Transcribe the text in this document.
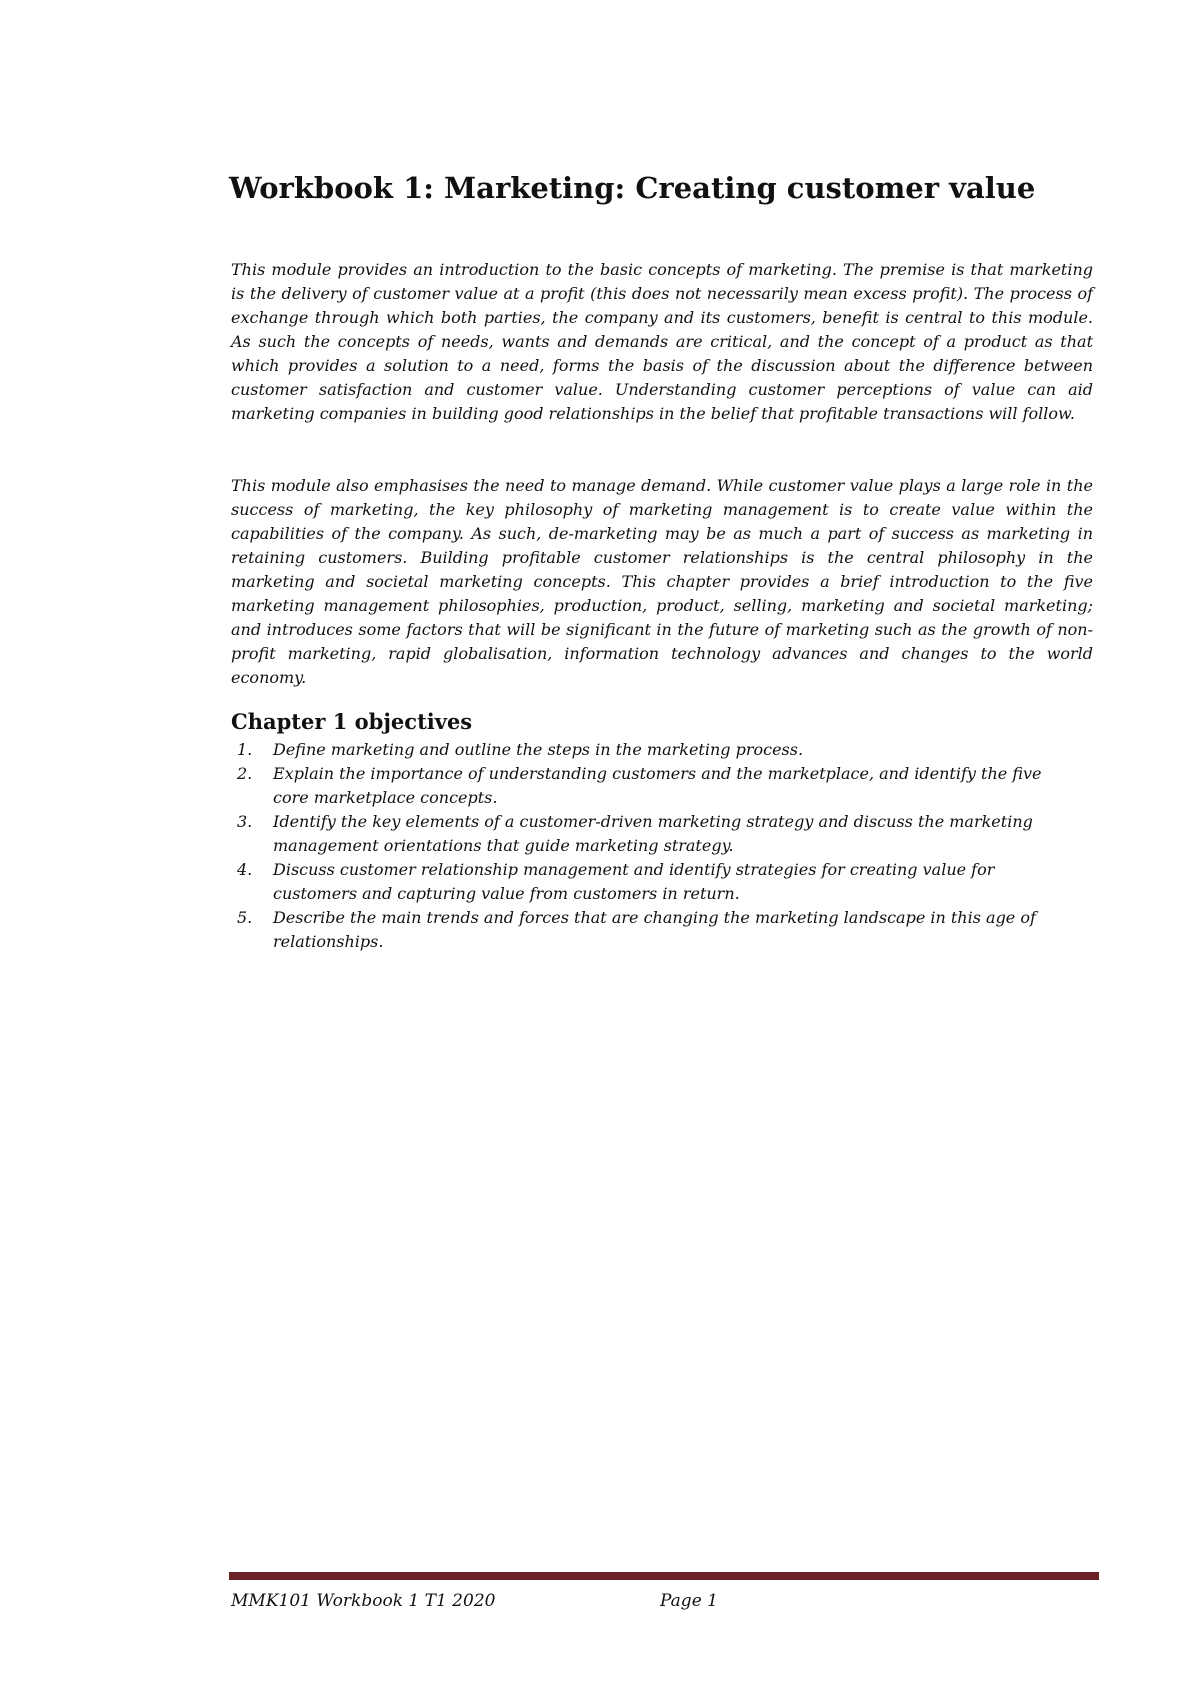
Workbook 1: Marketing: Creating customer value

This module provides an introduction to the basic concepts of marketing. The premise is that marketing is the delivery of customer value at a profit (this does not necessarily mean excess profit). The process of exchange through which both parties, the company and its customers, benefit is central to this module. As such the concepts of needs, wants and demands are critical, and the concept of a product as that which provides a solution to a need, forms the basis of the discussion about the difference between customer satisfaction and customer value. Understanding customer perceptions of value can aid marketing companies in building good relationships in the belief that profitable transactions will follow.

This module also emphasises the need to manage demand. While customer value plays a large role in the success of marketing, the key philosophy of marketing management is to create value within the capabilities of the company. As such, de-marketing may be as much a part of success as marketing in retaining customers. Building profitable customer relationships is the central philosophy in the marketing and societal marketing concepts. This chapter provides a brief introduction to the five marketing management philosophies, production, product, selling, marketing and societal marketing; and introduces some factors that will be significant in the future of marketing such as the growth of non-profit marketing, rapid globalisation, information technology advances and changes to the world economy.

Chapter 1 objectives
1. Define marketing and outline the steps in the marketing process.
2. Explain the importance of understanding customers and the marketplace, and identify the five core marketplace concepts.
3. Identify the key elements of a customer-driven marketing strategy and discuss the marketing management orientations that guide marketing strategy.
4. Discuss customer relationship management and identify strategies for creating value for customers and capturing value from customers in return.
5. Describe the main trends and forces that are changing the marketing landscape in this age of relationships.
MMK101 Workbook 1 T1 2020	Page 1
